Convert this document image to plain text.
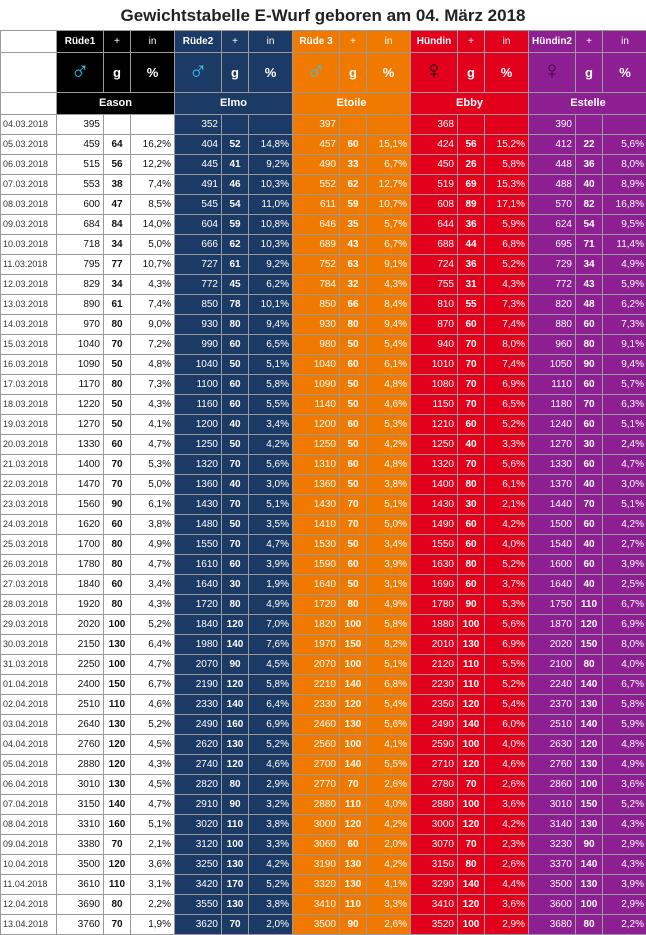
Gewichtstabelle E-Wurf geboren am 04. März 2018
	Rüde1	+	in	Rüde2	+	in	Rüde 3	+	in	Hündin	+	in	Hündin2	+	in
	♂	g	%	♂	g	%	♂	g	%	♀	g	%	♀	g	%
Datum	Eason			Elmo			Etoile			Ebby			Estelle		
04.03.2018	395			352			397			368			390		
05.03.2018	459	64	16,2%	404	52	14,8%	457	60	15,1%	424	56	15,2%	412	22	5,6%
06.03.2018	515	56	12,2%	445	41	9,2%	490	33	6,7%	450	26	5,8%	448	36	8,0%
07.03.2018	553	38	7,4%	491	46	10,3%	552	62	12,7%	519	69	15,3%	488	40	8,9%
08.03.2018	600	47	8,5%	545	54	11,0%	611	59	10,7%	608	89	17,1%	570	82	16,8%
09.03.2018	684	84	14,0%	604	59	10,8%	646	35	5,7%	644	36	5,9%	624	54	9,5%
10.03.2018	718	34	5,0%	666	62	10,3%	689	43	6,7%	688	44	6,8%	695	71	11,4%
11.03.2018	795	77	10,7%	727	61	9,2%	752	63	9,1%	724	36	5,2%	729	34	4,9%
12.03.2018	829	34	4,3%	772	45	6,2%	784	32	4,3%	755	31	4,3%	772	43	5,9%
13.03.2018	890	61	7,4%	850	78	10,1%	850	66	8,4%	810	55	7,3%	820	48	6,2%
14.03.2018	970	80	9,0%	930	80	9,4%	930	80	9,4%	870	60	7,4%	880	60	7,3%
15.03.2018	1040	70	7,2%	990	60	6,5%	980	50	5,4%	940	70	8,0%	960	80	9,1%
16.03.2018	1090	50	4,8%	1040	50	5,1%	1040	60	6,1%	1010	70	7,4%	1050	90	9,4%
17.03.2018	1170	80	7,3%	1100	60	5,8%	1090	50	4,8%	1080	70	6,9%	1110	60	5,7%
18.03.2018	1220	50	4,3%	1160	60	5,5%	1140	50	4,6%	1150	70	6,5%	1180	70	6,3%
19.03.2018	1270	50	4,1%	1200	40	3,4%	1200	60	5,3%	1210	60	5,2%	1240	60	5,1%
20.03.2018	1330	60	4,7%	1250	50	4,2%	1250	50	4,2%	1250	40	3,3%	1270	30	2,4%
21.03.2018	1400	70	5,3%	1320	70	5,6%	1310	60	4,8%	1320	70	5,6%	1330	60	4,7%
22.03.2018	1470	70	5,0%	1360	40	3,0%	1360	50	3,8%	1400	80	6,1%	1370	40	3,0%
23.03.2018	1560	90	6,1%	1430	70	5,1%	1430	70	5,1%	1430	30	2,1%	1440	70	5,1%
24.03.2018	1620	60	3,8%	1480	50	3,5%	1410	70	5,0%	1490	60	4,2%	1500	60	4,2%
25.03.2018	1700	80	4,9%	1550	70	4,7%	1530	50	3,4%	1550	60	4,0%	1540	40	2,7%
26.03.2018	1780	80	4,7%	1610	60	3,9%	1590	60	3,9%	1630	80	5,2%	1600	60	3,9%
27.03.2018	1840	60	3,4%	1640	30	1,9%	1640	50	3,1%	1690	60	3,7%	1640	40	2,5%
28.03.2018	1920	80	4,3%	1720	80	4,9%	1720	80	4,9%	1780	90	5,3%	1750	110	6,7%
29.03.2018	2020	100	5,2%	1840	120	7,0%	1820	100	5,8%	1880	100	5,6%	1870	120	6,9%
30.03.2018	2150	130	6,4%	1980	140	7,6%	1970	150	8,2%	2010	130	6,9%	2020	150	8,0%
31.03.2018	2250	100	4,7%	2070	90	4,5%	2070	100	5,1%	2120	110	5,5%	2100	80	4,0%
01.04.2018	2400	150	6,7%	2190	120	5,8%	2210	140	6,8%	2230	110	5,2%	2240	140	6,7%
02.04.2018	2510	110	4,6%	2330	140	6,4%	2330	120	5,4%	2350	120	5,4%	2370	130	5,8%
03.04.2018	2640	130	5,2%	2490	160	6,9%	2460	130	5,6%	2490	140	6,0%	2510	140	5,9%
04.04.2018	2760	120	4,5%	2620	130	5,2%	2560	100	4,1%	2590	100	4,0%	2630	120	4,8%
05.04.2018	2880	120	4,3%	2740	120	4,6%	2700	140	5,5%	2710	120	4,6%	2760	130	4,9%
06.04.2018	3010	130	4,5%	2820	80	2,9%	2770	70	2,6%	2780	70	2,6%	2860	100	3,6%
07.04.2018	3150	140	4,7%	2910	90	3,2%	2880	110	4,0%	2880	100	3,6%	3010	150	5,2%
08.04.2018	3310	160	5,1%	3020	110	3,8%	3000	120	4,2%	3000	120	4,2%	3140	130	4,3%
09.04.2018	3380	70	2,1%	3120	100	3,3%	3060	60	2,0%	3070	70	2,3%	3230	90	2,9%
10.04.2018	3500	120	3,6%	3250	130	4,2%	3190	130	4,2%	3150	80	2,6%	3370	140	4,3%
11.04.2018	3610	110	3,1%	3420	170	5,2%	3320	130	4,1%	3290	140	4,4%	3500	130	3,9%
12.04.2018	3690	80	2,2%	3550	130	3,8%	3410	110	3,3%	3410	120	3,6%	3600	100	2,9%
13.04.2018	3760	70	1,9%	3620	70	2,0%	3500	90	2,6%	3520	100	2,9%	3680	80	2,2%
